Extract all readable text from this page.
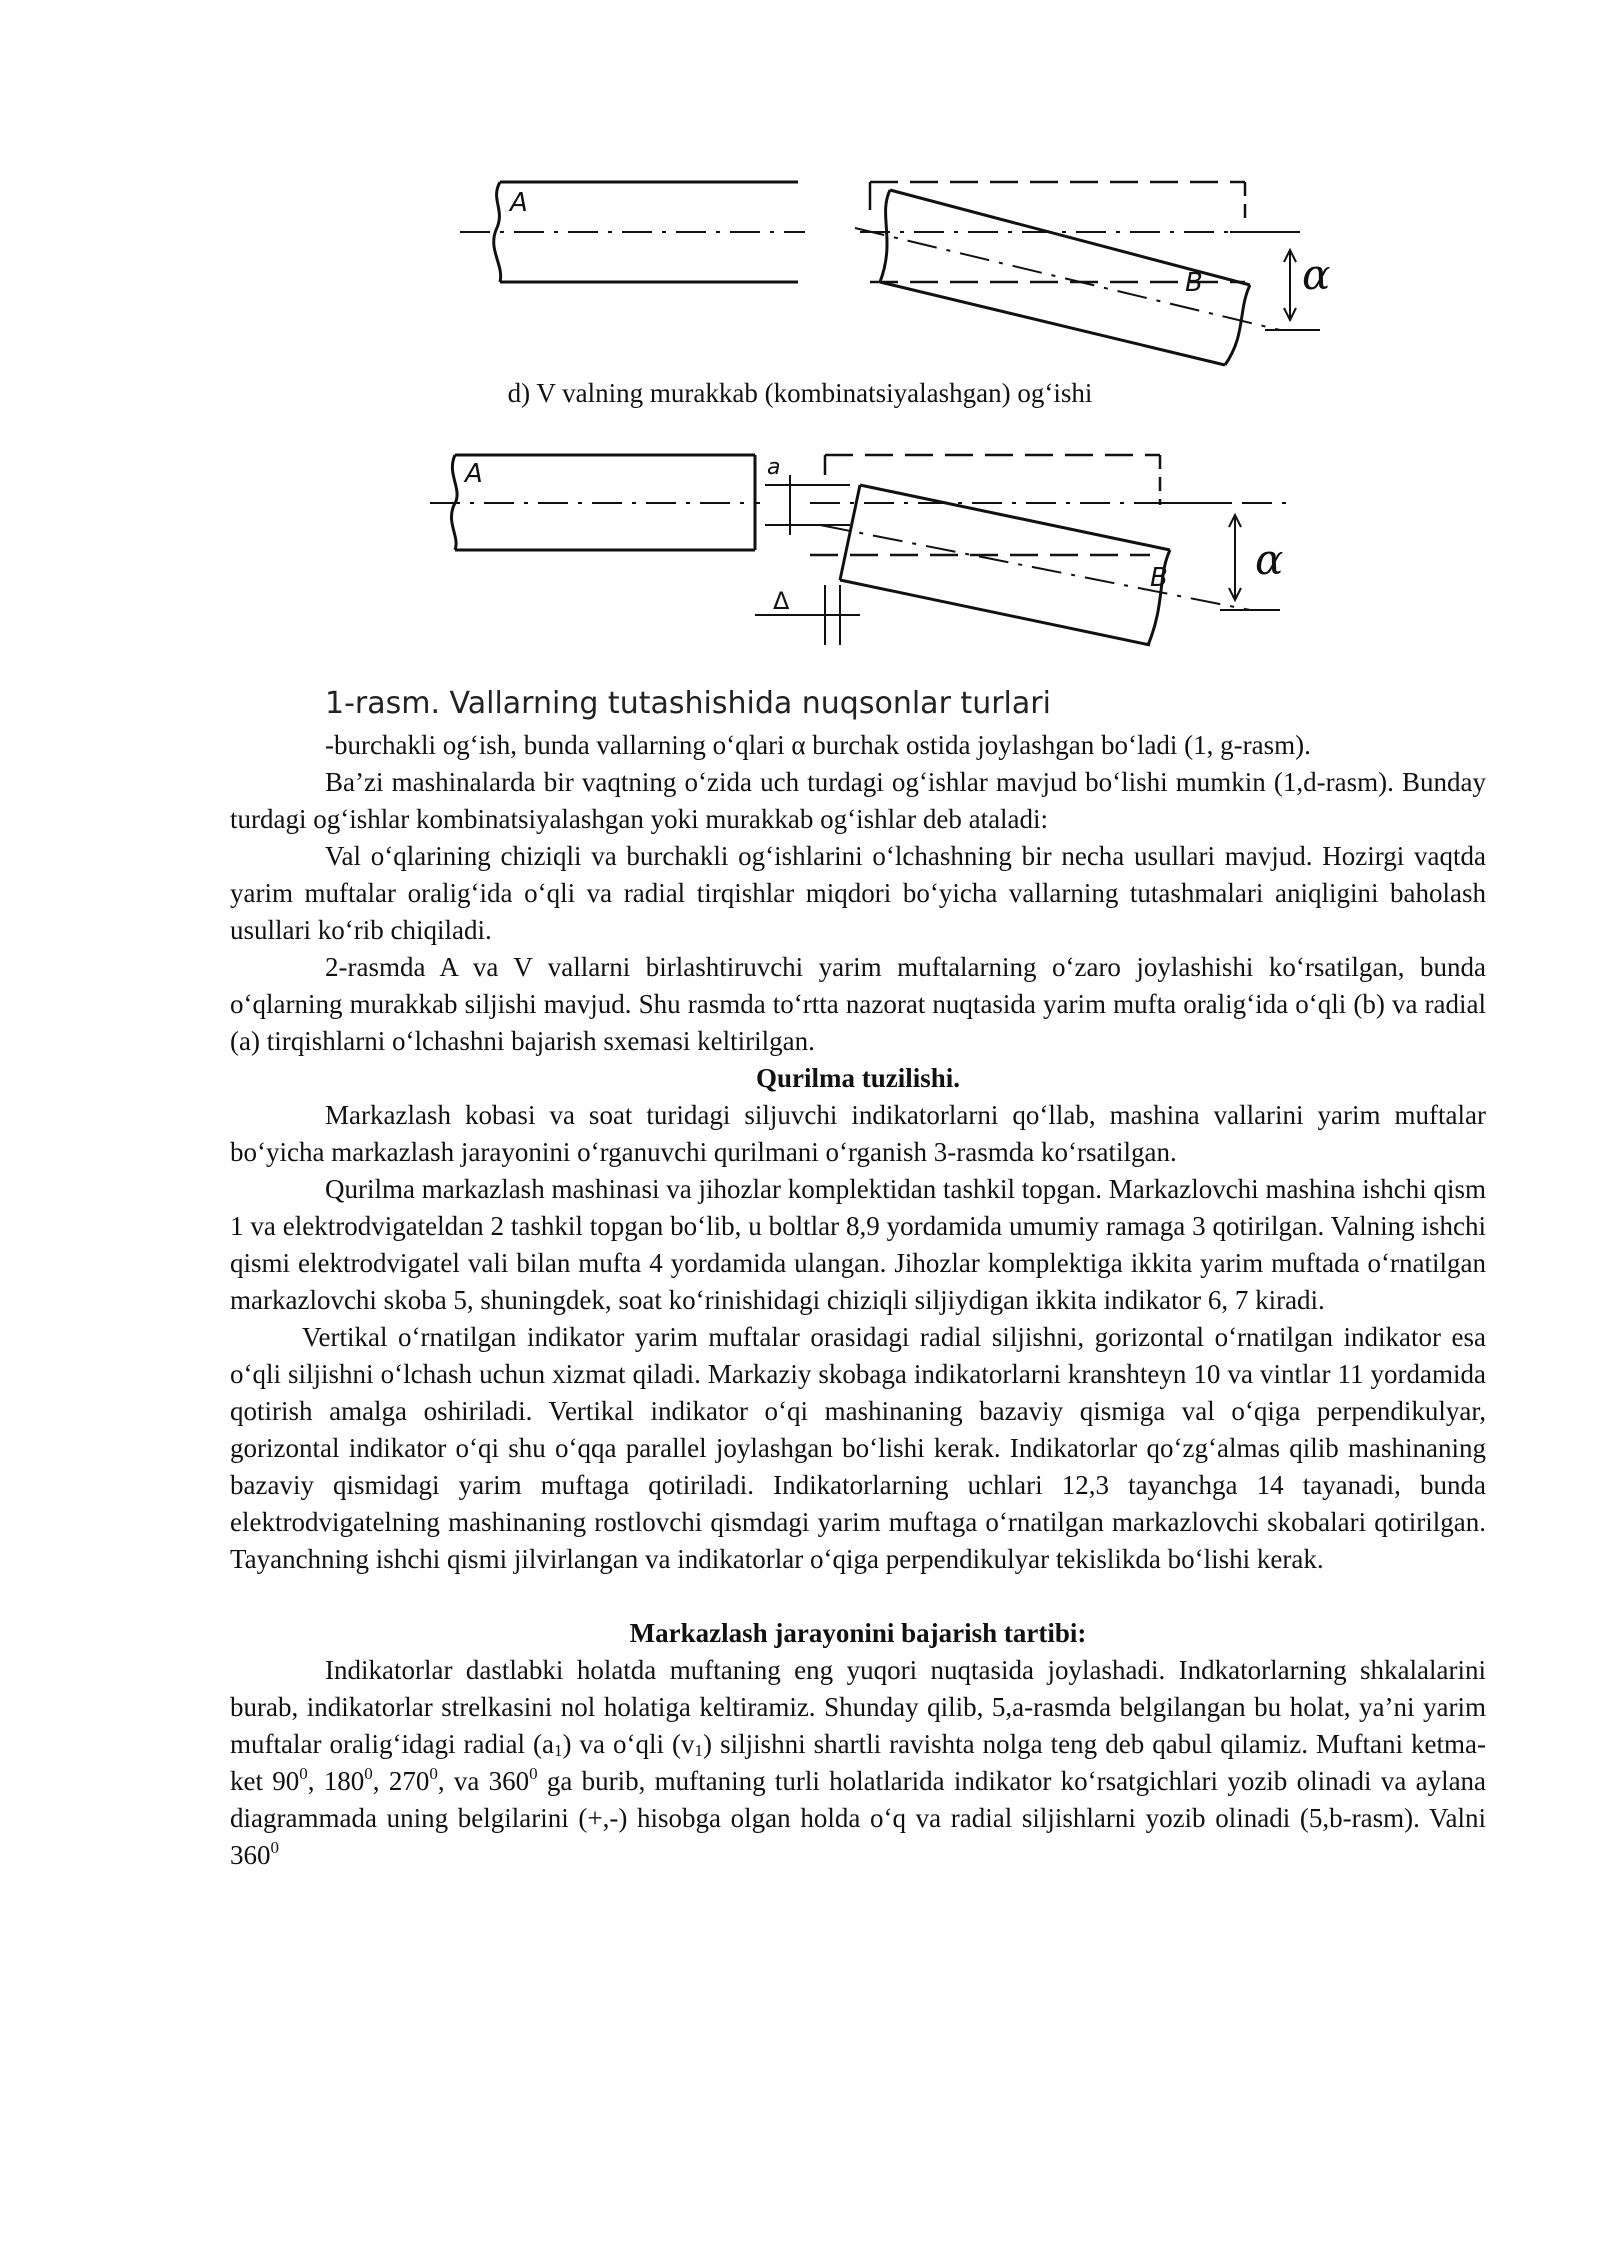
A
B α
d) V valning murakkab (kombinatsiyalashgan) og‘ishi
A
B α
a
Δ
1-rasm. Vallarning tutashishida nuqsonlar turlari

-burchakli og‘ish, bunda vallarning o‘qlari α burchak ostida joylashgan bo‘ladi (1, g-rasm).

Ba’zi mashinalarda bir vaqtning o‘zida uch turdagi og‘ishlar mavjud bo‘lishi mumkin (1,d-rasm). Bunday turdagi og‘ishlar kombinatsiyalashgan yoki murakkab og‘ishlar deb ataladi:

Val o‘qlarining chiziqli va burchakli og‘ishlarini o‘lchashning bir necha usullari mavjud. Hozirgi vaqtda yarim muftalar oralig‘ida o‘qli va radial tirqishlar miqdori bo‘yicha vallarning tutashmalari aniqligini baholash usullari ko‘rib chiqiladi.

2-rasmda A va V vallarni birlashtiruvchi yarim muftalarning o‘zaro joylashishi ko‘rsatilgan, bunda o‘qlarning murakkab siljishi mavjud. Shu rasmda to‘rtta nazorat nuqtasida yarim mufta oralig‘ida o‘qli (b) va radial (a) tirqishlarni o‘lchashni bajarish sxemasi keltirilgan.

Qurilma tuzilishi.

Markazlash kobasi va soat turidagi siljuvchi indikatorlarni qo‘llab, mashina vallarini yarim muftalar bo‘yicha markazlash jarayonini o‘rganuvchi qurilmani o‘rganish 3-rasmda ko‘rsatilgan.

Qurilma markazlash mashinasi va jihozlar komplektidan tashkil topgan. Markazlovchi mashina ishchi qism 1 va elektrodvigateldan 2 tashkil topgan bo‘lib, u boltlar 8,9 yordamida umumiy ramaga 3 qotirilgan. Valning ishchi qismi elektrodvigatel vali bilan mufta 4 yordamida ulangan. Jihozlar komplektiga ikkita yarim muftada o‘rnatilgan markazlovchi skoba 5, shuningdek, soat ko‘rinishidagi chiziqli siljiydigan ikkita indikator 6, 7 kiradi.

Vertikal o‘rnatilgan indikator yarim muftalar orasidagi radial siljishni, gorizontal o‘rnatilgan indikator esa o‘qli siljishni o‘lchash uchun xizmat qiladi. Markaziy skobaga indikatorlarni kranshteyn 10 va vintlar 11 yordamida qotirish amalga oshiriladi. Vertikal indikator o‘qi mashinaning bazaviy qismiga val o‘qiga perpendikulyar, gorizontal indikator o‘qi shu o‘qqa parallel joylashgan bo‘lishi kerak. Indikatorlar qo‘zg‘almas qilib mashinaning bazaviy qismidagi yarim muftaga qotiriladi. Indikatorlarning uchlari 12,3 tayanchga 14 tayanadi, bunda elektrodvigatelning mashinaning rostlovchi qismdagi yarim muftaga o‘rnatilgan markazlovchi skobalari qotirilgan. Tayanchning ishchi qismi jilvirlangan va indikatorlar o‘qiga perpendikulyar tekislikda bo‘lishi kerak.

Markazlash jarayonini bajarish tartibi:

Indikatorlar dastlabki holatda muftaning eng yuqori nuqtasida joylashadi. Indkatorlarning shkalalarini burab, indikatorlar strelkasini nol holatiga keltiramiz. Shunday qilib, 5,a-rasmda belgilangan bu holat, ya’ni yarim muftalar oralig‘idagi radial $(a_1)$ va o‘qli $(v_1)$ siljishni shartli ravishta nolga teng deb qabul qilamiz. Muftani ketma-ket $90^0$, $180^0$, $270^0$, va $360^0$ ga burib, muftaning turli holatlarida indikator ko‘rsatgichlari yozib olinadi va aylana diagrammada uning belgilarini (+,-) hisobga olgan holda o‘q va radial siljishlarni yozib olinadi (5,b-rasm). Valni $360^0$
